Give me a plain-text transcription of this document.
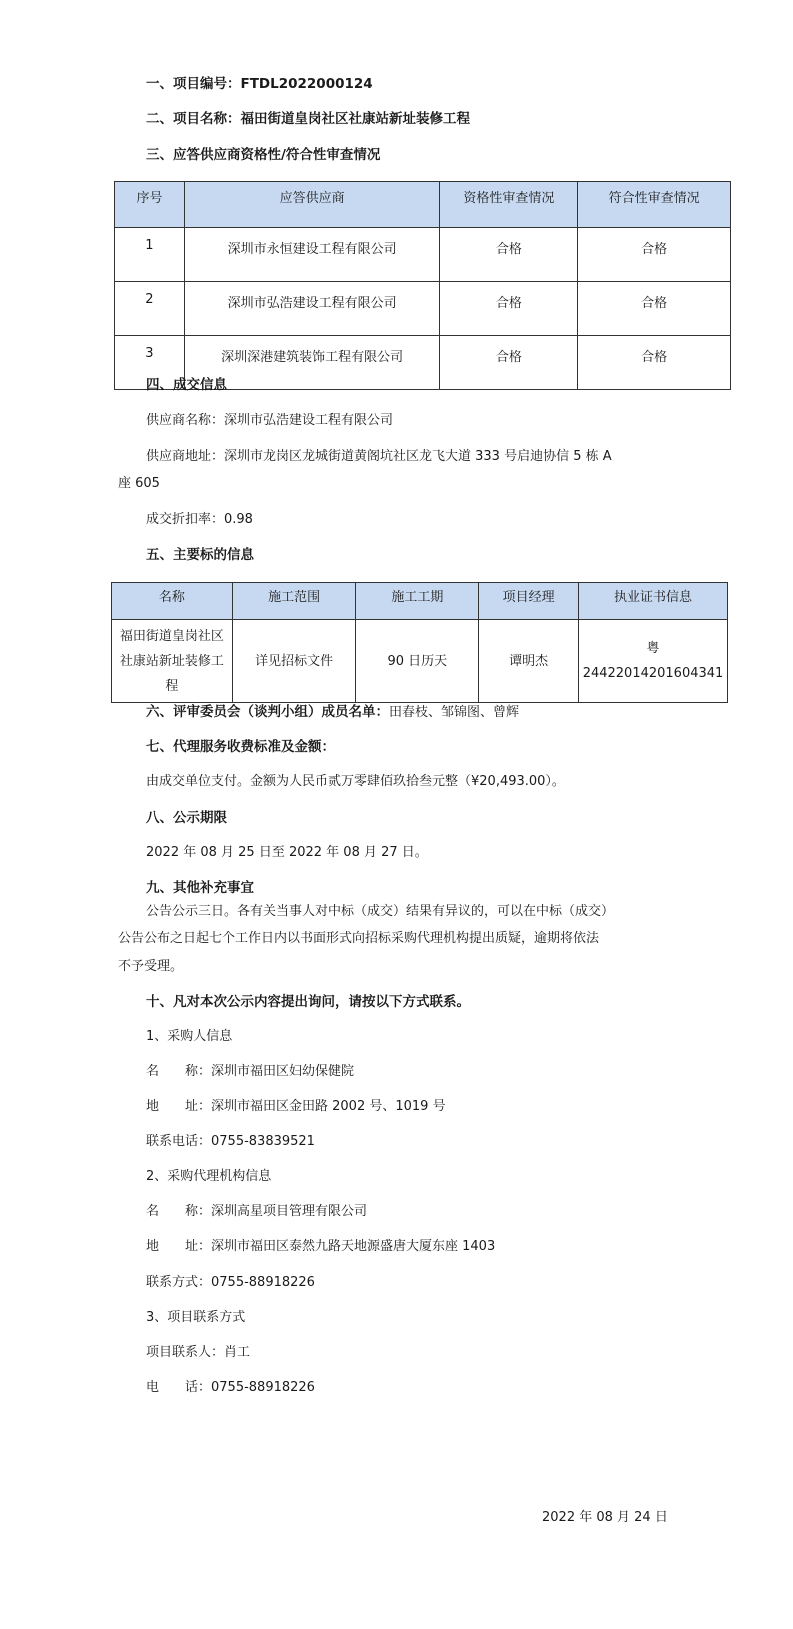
一、项目编号：FTDL2022000124
二、项目名称：福田街道皇岗社区社康站新址装修工程
三、应答供应商资格性/符合性审查情况
序号	应答供应商	资格性审查情况	符合性审查情况
1	深圳市永恒建设工程有限公司	合格	合格
2	深圳市弘浩建设工程有限公司	合格	合格
3	深圳深港建筑装饰工程有限公司	合格	合格
四、成交信息
供应商名称：深圳市弘浩建设工程有限公司
供应商地址：深圳市龙岗区龙城街道黄阁坑社区龙飞大道 333 号启迪协信 5 栋 A
座 605
成交折扣率：0.98
五、主要标的信息
名称	施工范围	施工工期	项目经理	执业证书信息

福田街道皇岗社区
社康站新址装修工
程	详见招标文件	90 日历天	谭明杰	粤 24422014201604341
六、评审委员会（谈判小组）成员名单：田春枝、邹锦图、曾辉
七、代理服务收费标准及金额：
由成交单位支付。金额为人民币贰万零肆佰玖拾叁元整（¥20,493.00）。
八、公示期限
2022 年 08 月 25 日至 2022 年 08 月 27 日。
九、其他补充事宜
公告公示三日。各有关当事人对中标（成交）结果有异议的，可以在中标（成交）
公告公布之日起七个工作日内以书面形式向招标采购代理机构提出质疑，逾期将依法
不予受理。
十、凡对本次公示内容提出询问，请按以下方式联系。
1、采购人信息
名　　称：深圳市福田区妇幼保健院
地　　址：深圳市福田区金田路 2002 号、1019 号
联系电话：0755-83839521
2、采购代理机构信息
名　　称：深圳高星项目管理有限公司
地　　址：深圳市福田区泰然九路天地源盛唐大厦东座 1403
联系方式：0755-88918226
3、项目联系方式
项目联系人：肖工
电　　话：0755-88918226
2022 年 08 月 24 日
